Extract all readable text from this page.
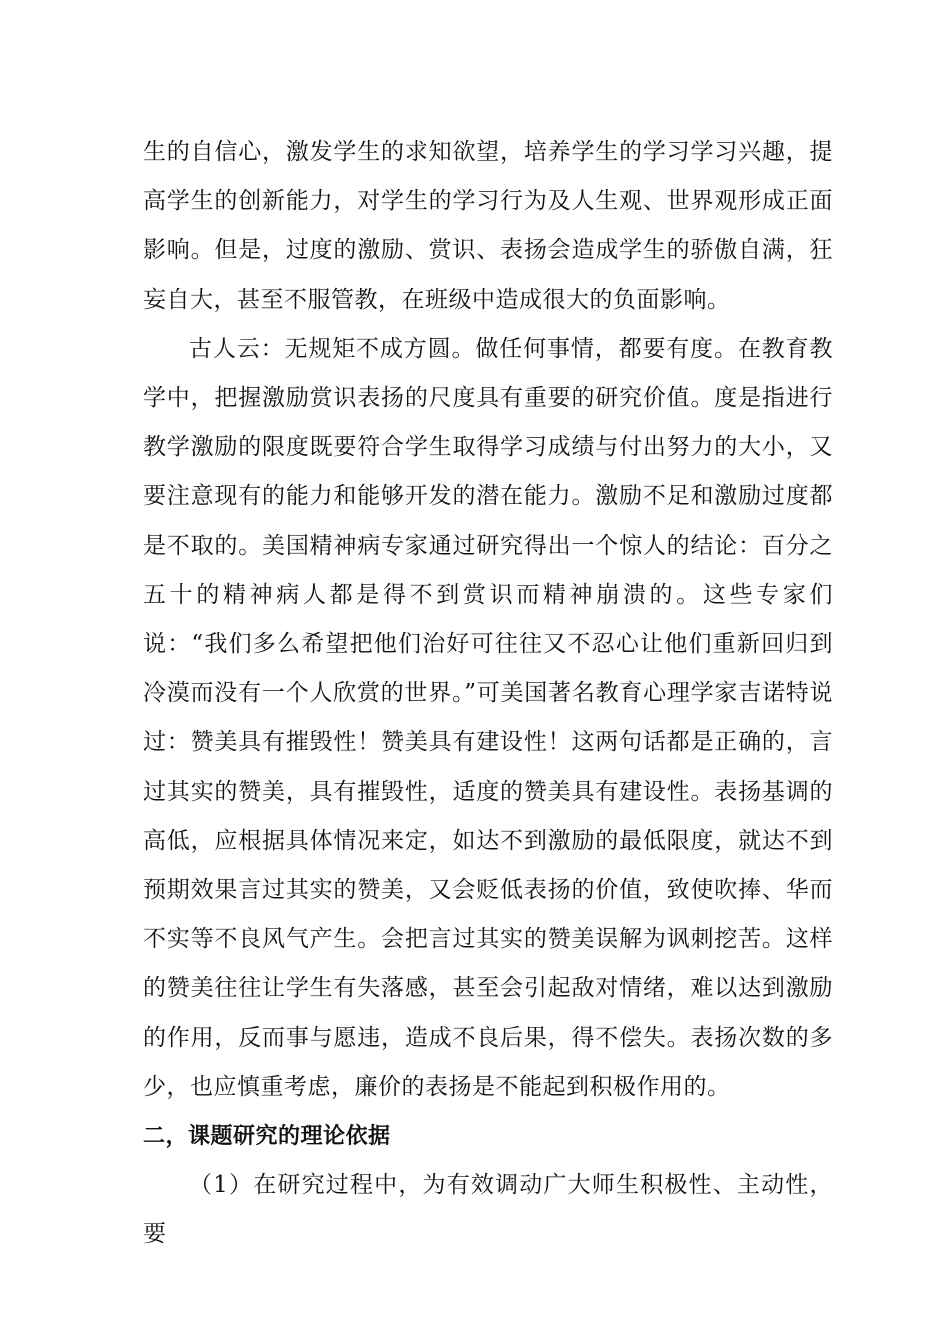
生的自信心，激发学生的求知欲望，培养学生的学习学习兴趣，提高学生的创新能力，对学生的学习行为及人生观、世界观形成正面影响。但是，过度的激励、赏识、表扬会造成学生的骄傲自满，狂妄自大，甚至不服管教，在班级中造成很大的负面影响。

古人云：无规矩不成方圆。做任何事情，都要有度。在教育教学中，把握激励赏识表扬的尺度具有重要的研究价值。度是指进行教学激励的限度既要符合学生取得学习成绩与付出努力的大小，又要注意现有的能力和能够开发的潜在能力。激励不足和激励过度都是不取的。美国精神病专家通过研究得出一个惊人的结论：百分之五十的精神病人都是得不到赏识而精神崩溃的。这些专家们说：“我们多么希望把他们治好可往往又不忍心让他们重新回归到冷漠而没有一个人欣赏的世界。”可美国著名教育心理学家吉诺特说过：赞美具有摧毁性！赞美具有建设性！这两句话都是正确的，言过其实的赞美，具有摧毁性，适度的赞美具有建设性。表扬基调的高低，应根据具体情况来定，如达不到激励的最低限度，就达不到预期效果言过其实的赞美，又会贬低表扬的价值，致使吹捧、华而不实等不良风气产生。会把言过其实的赞美误解为讽刺挖苦。这样的赞美往往让学生有失落感，甚至会引起敌对情绪，难以达到激励的作用，反而事与愿违，造成不良后果，得不偿失。表扬次数的多少，也应慎重考虑，廉价的表扬是不能起到积极作用的。

二，课题研究的理论依据

（1）在研究过程中，为有效调动广大师生积极性、主动性，要
